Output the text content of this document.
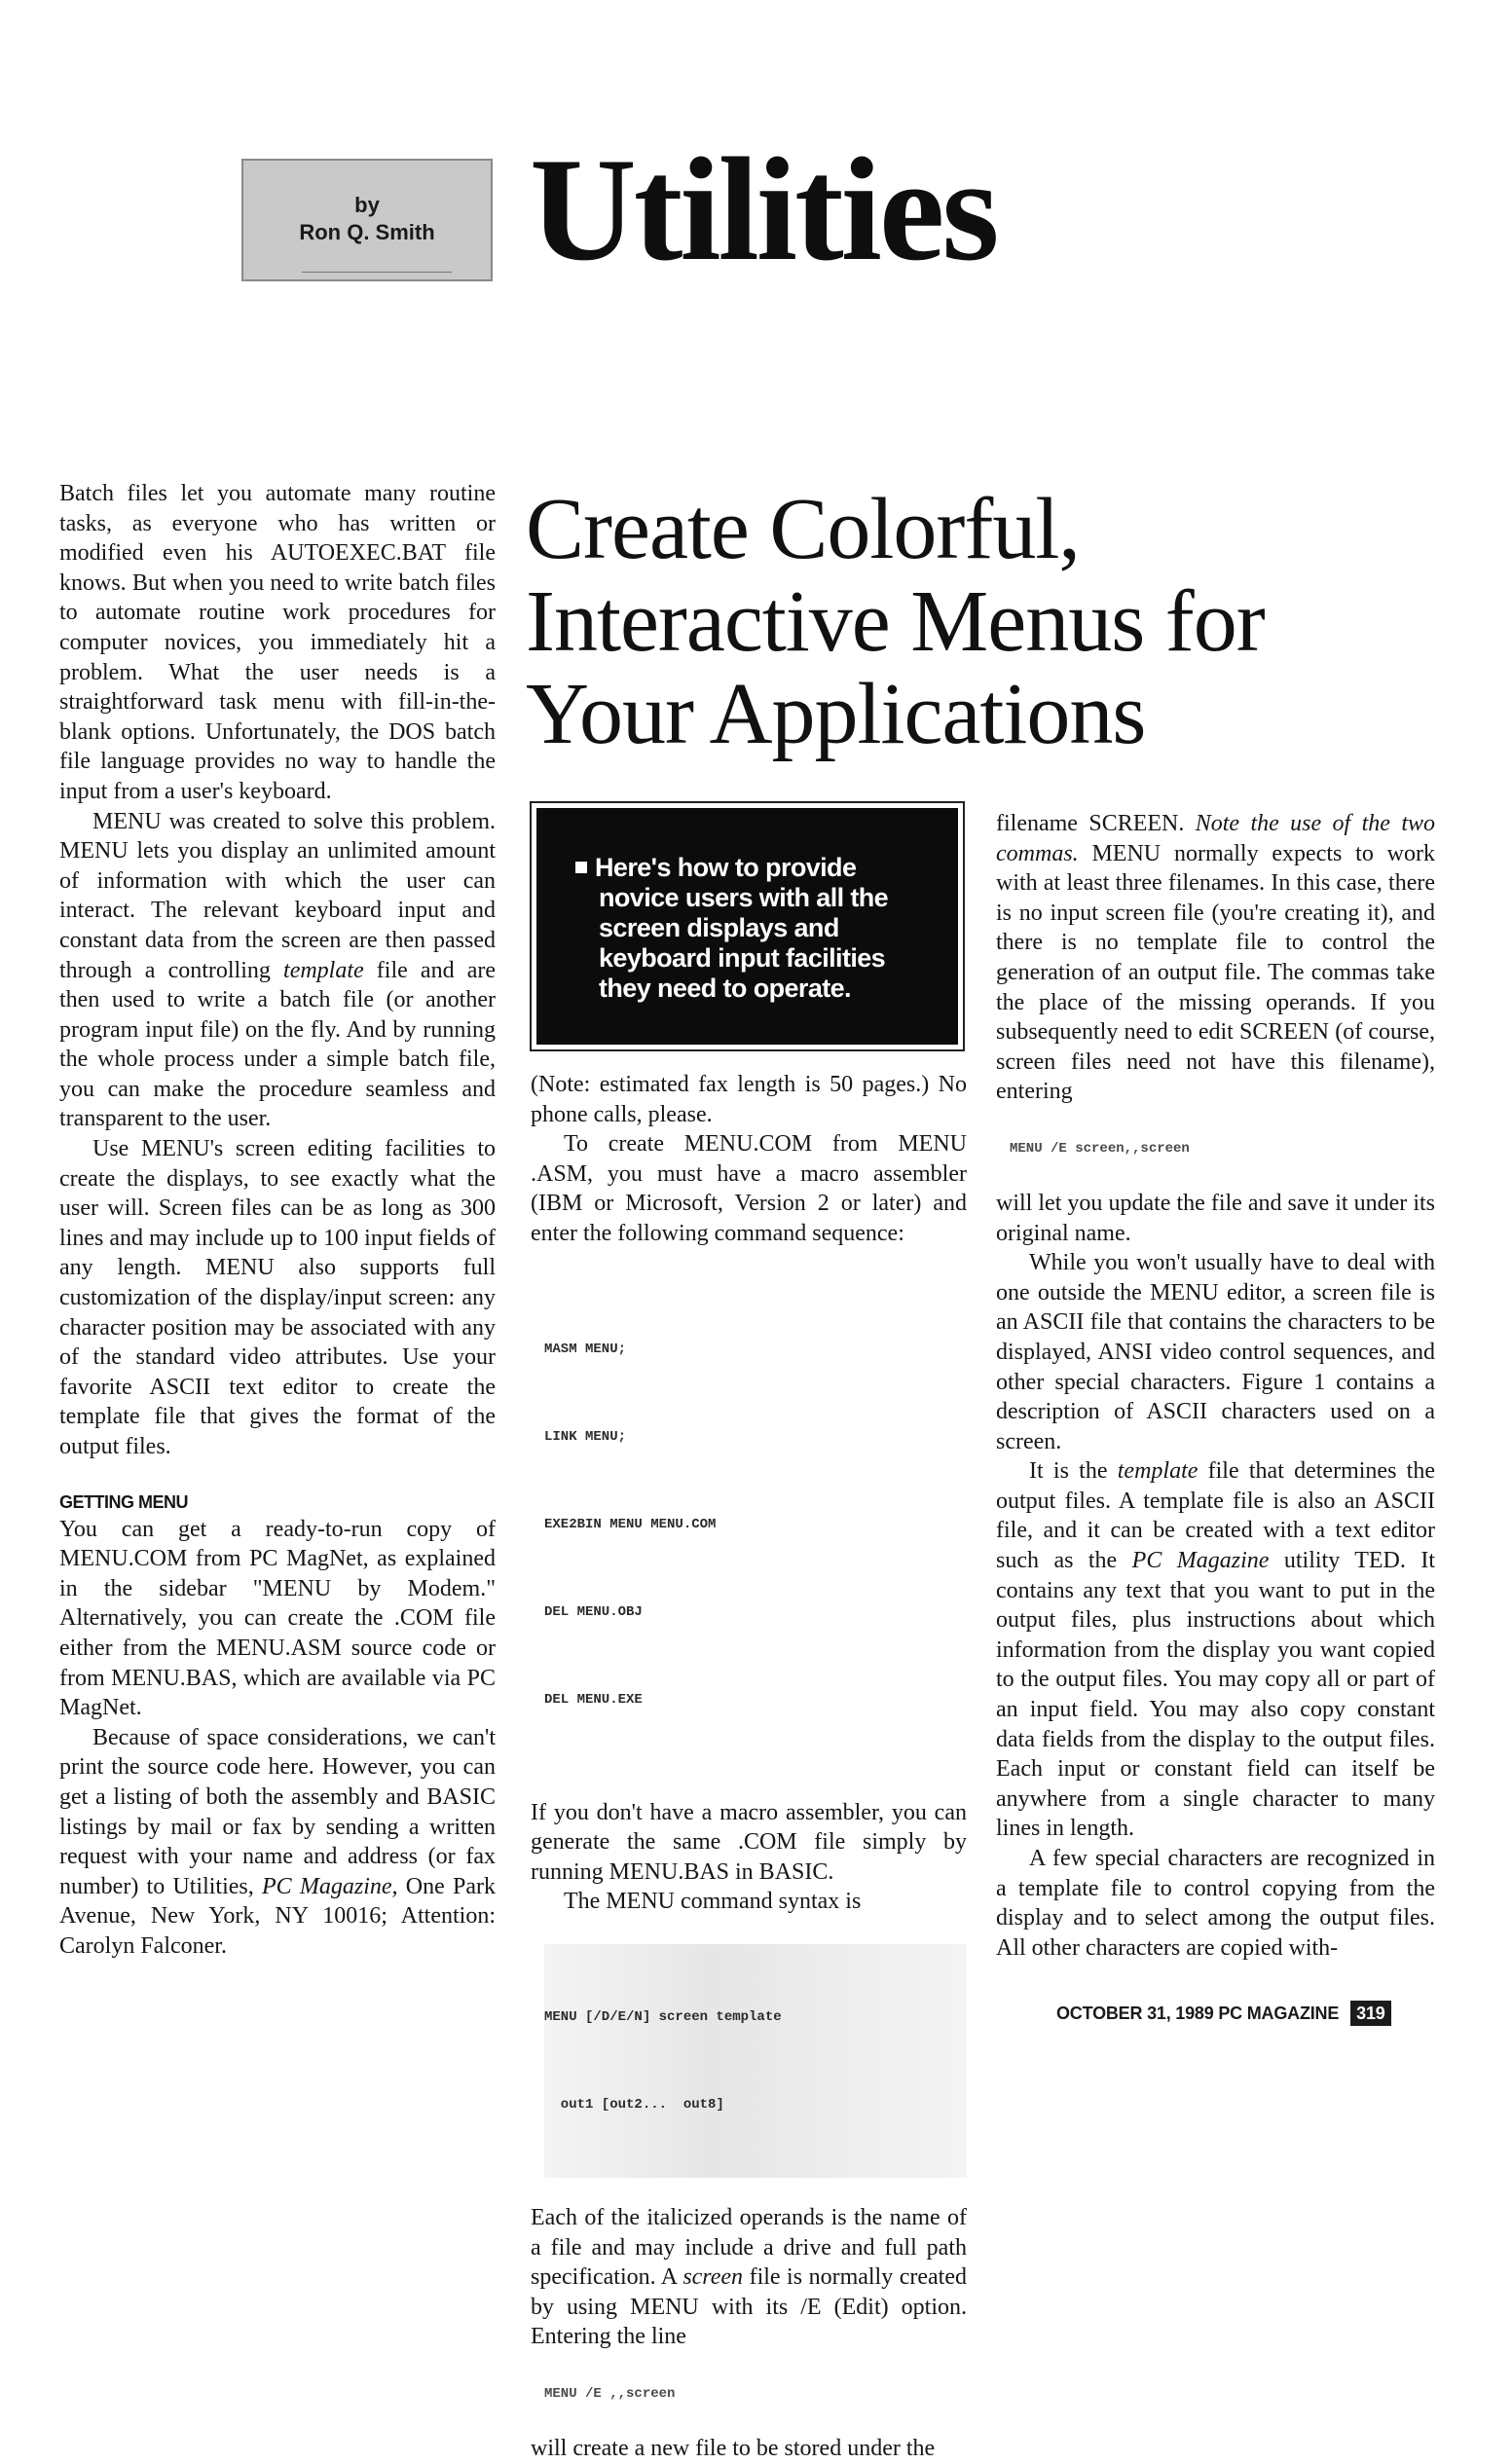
by
Ron Q. Smith Utilities
Create Colorful,
Interactive Menus for
Your Applications
Here's how to provide novice users with all the screen displays and keyboard input facilities they need to operate.

Batch files let you automate many routine tasks, as everyone who has written or modified even his AUTOEXEC.BAT file knows. But when you need to write batch files to automate routine work procedures for computer novices, you immediately hit a problem. What the user needs is a straightforward task menu with fill-in-the-blank options. Unfortunately, the DOS batch file language provides no way to handle the input from a user's keyboard.

MENU was created to solve this problem. MENU lets you display an unlimited amount of information with which the user can interact. The relevant keyboard input and constant data from the screen are then passed through a controlling template file and are then used to write a batch file (or another program input file) on the fly. And by running the whole process under a simple batch file, you can make the procedure seamless and transparent to the user.

Use MENU's screen editing facilities to create the displays, to see exactly what the user will. Screen files can be as long as 300 lines and may include up to 100 input fields of any length. MENU also supports full customization of the display/input screen: any character position may be associated with any of the standard video attributes. Use your favorite ASCII text editor to create the template file that gives the format of the output files.

GETTING MENU

You can get a ready-to-run copy of MENU.COM from PC MagNet, as explained in the sidebar "MENU by Modem." Alternatively, you can create the .COM file either from the MENU.ASM source code or from MENU.BAS, which are available via PC MagNet.

Because of space considerations, we can't print the source code here. However, you can get a listing of both the assembly and BASIC listings by mail or fax by sending a written request with your name and address (or fax number) to Utilities, PC Magazine, One Park Avenue, New York, NY 10016; Attention: Carolyn Falconer.

(Note: estimated fax length is 50 pages.) No phone calls, please.

To create MENU.COM from MENU .ASM, you must have a macro assembler (IBM or Microsoft, Version 2 or later) and enter the following command sequence:

MASM MENU;

LINK MENU;

EXE2BIN MENU MENU.COM

DEL MENU.OBJ

DEL MENU.EXE

If you don't have a macro assembler, you can generate the same .COM file simply by running MENU.BAS in BASIC.

The MENU command syntax is

MENU [/D/E/N] screen template

out1 [out2...  out8]

Each of the italicized operands is the name of a file and may include a drive and full path specification. A screen file is normally created by using MENU with its /E (Edit) option. Entering the line

MENU /E ,,screen

will create a new file to be stored under the

filename SCREEN. Note the use of the two commas. MENU normally expects to work with at least three filenames. In this case, there is no input screen file (you're creating it), and there is no template file to control the generation of an output file. The commas take the place of the missing operands. If you subsequently need to edit SCREEN (of course, screen files need not have this filename), entering

MENU /E screen,,screen

will let you update the file and save it under its original name.

While you won't usually have to deal with one outside the MENU editor, a screen file is an ASCII file that contains the characters to be displayed, ANSI video control sequences, and other special characters. Figure 1 contains a description of ASCII characters used on a screen.

It is the template file that determines the output files. A template file is also an ASCII file, and it can be created with a text editor such as the PC Magazine utility TED. It contains any text that you want to put in the output files, plus instructions about which information from the display you want copied to the output files. You may copy all or part of an input field. You may also copy constant data fields from the display to the output files. Each input or constant field can itself be anywhere from a single character to many lines in length.

A few special characters are recognized in a template file to control copying from the display and to select among the output files. All other characters are copied with-

OCTOBER 31, 1989 PC MAGAZINE 319
